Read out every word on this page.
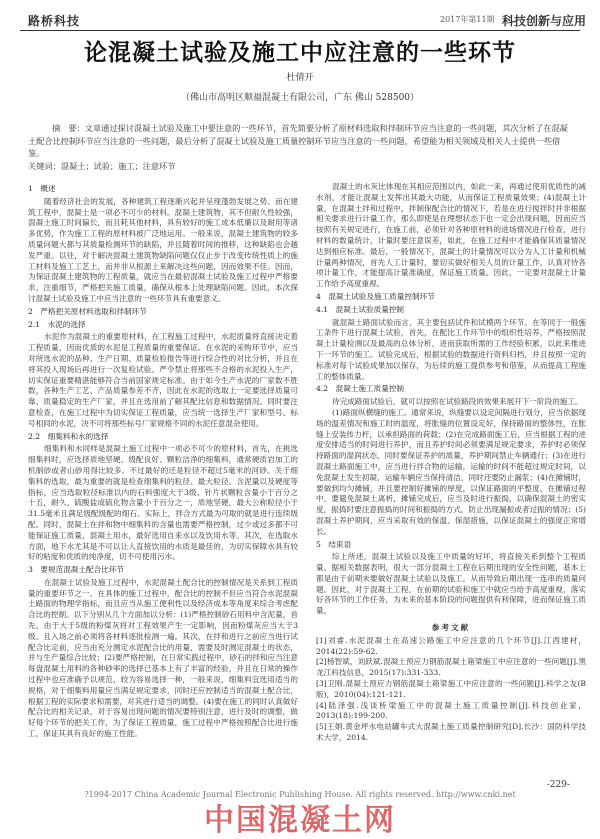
路桥科技	2017年第11期 科技创新与应用
论混凝土试验及施工中应注意的一些环节
杜倩开
（佛山市高明区顺福混凝土有限公司，广东 佛山 528500）
摘　要：文章通过探讨混凝土试验及施工中要注意的一些环节，首先简要分析了原材料选取和拌制环节应当注意的一些问题，其次分析了在混凝土配合比控制环节应当注意的一些问题，最后分析了混凝土试验及施工质量控制环节应当注意的一些问题，希望能为相关领域及相关人士提供一些借鉴。
关键词：混凝土；试验；施工；注意环节

1　概述

随着经济社会的发展，各种建筑工程逐渐兴起并呈现蓬勃发展之势。而在建筑工程中，混凝土是一项必不可少的材料。混凝土建筑物，其不但耐久性较强，混凝土施工时间偏长，而且耗其他材料，具有较好的施工成本低廉以及耐用等诸多优势，作为施工工程的原材料被广泛地运用。一般来说，混凝土建筑物的较多质量问题大都与其质量检测环节的缺陷，并且随着时间的推移，这种缺陷也会越发严重。以往，对于解决混凝土建筑物缺陷问题仅仅止步于改变传统性质上的施工材料及施工工艺上，而并非从根源上来解决这些问题，因而效果不佳。因而，为保证混凝土建筑物的工程质量，就应当在最初混凝土试验及施工过程中严格要求，注重细节，严格把关施工质量，确保从根本上处理缺陷问题。因此，本次探讨混凝土试验及施工中应当注意的一些环节具有重要意义。

2　严格把关原材料选取和拌制环节

2.1　水泥的选择

水泥作为混凝土的重要原材料，在工程施工过程中，水泥质量将直接决定着工程质量，因而优质的水泥是工程质量的重要保证。在水泥的采购环节中，应当对所选水泥的品种、生产日期、质量检验报告等进行综合性的对比分析，并且在将其投入现场后再进行一次复检试验。严令禁止将那些不合格的水泥投入生产，切实保证重要精湛能够符合当前国家规定标准。由于如今生产水泥的厂家数不胜数，各种生产工艺、产品质量参差不齐，因此在水泥的选取上一定要选择质量可靠、质量稳定的生产厂家，并且在选用前了解其配比信息和数据情况。同时要注意检查，在施工过程中为切实保证工程质量，应当统一选择生产厂家和型号、标号相同的水泥，决不可将那些标号厂家规格不同的水泥任意混杂使用。

2.2　细集料和水的选择

细集料和水同样是混凝土施工过程中一项必不可少的原材料，首先，在挑选细集料时，应选择质地坚硬、级配良好、颗粒洁净的细集料，通常硬质岩加工的机制砂或者山砂用得比较多。不过最好的还是粒径不超过5毫米的河砂。关于细集料的选取，最为重要的就是检查细集料的粒径、最大粒径、含泥量以及硬度等指标，应当选取粒径标准以内的石料强度大于3级、针片状颗粒含量小于百分之十五，耐久、硫酸盐或硫化物含量小于百分之一，质地坚硬，最大公称粒径小于31.5毫米且满足级配级配的细石。实际上，拌合方式最为可取的就是进行连续级配。同时，混凝土在拌和物中细集料的含量也需要严格控制，过少或过多都不可能保证施工质量，混凝土用水，最好选用自来水以及饮用水等。其次，在选取水方面，地下水尤其是不可以让人直接饮用的水质是最佳的，为切实保障水具有较好的粘度和优质的纯净度，切不可使用污水。

3　要规范混凝土配合比环节

在混凝土试验及施工过程中，水泥混凝土配合比的控制情况是关系到工程质量的重要环节之一。在具体的施工过程中，配合比的控制不但应当符合水泥混凝土路面的物理学指标，而且应当从施工便利性以及经济成本等角度来综合考虑配合比的控制。以下分别从几个方面加以分析：(1)严格控制砂石用料中含泥量，首先，由于大于5级的粉煤灰将对工程效果产生一定影响，因而粉煤灰应当大于3级。且入场之前必须将各材料逐批检测一遍。其次，在拌和进行之前应当进行试配合比定前，应当由充分测定水泥配合比的用量，需要及时测定混凝土的状态，并与生产量综合比较；(2)要严格控制，在日常实践过程中，砂石的拌和应当注意每盘混凝土用料的各种砂率的选择已基本上有了丰富的经验，并且在日常的操作过程中也应准确予以规范，较为容易选择一种，一般来说，细集料宜选用适当的规格，对于细集料用量应当满足规定要求，同时还应控制适当的混凝土配合比，根据工程的实际要求和需要，对其进行适当的调整。(4)要在施工的同时认真做好配合比的相关记录，对于容易出现问题的情况要特别注意，进行及时的调整，做好每个环节的把关工作，为了保证工程质量，施工过程中严格按照配合比进行施工，保证其具有良好的施工性能。

混凝土的水灰比体现在其相应范围以内，如此一来，再通过使用优质性的减水剂，才能让混凝土发挥出其最大功能，从而保证工程质量效果；(4)混凝土计量，在混凝土拌和过程中，拌制保配合比的情况下，若是在进行搅拌时并非根据相关要求进行计量工作，那么即使是在理想状态下也一定会出现问题，因而应当按照有关规定进行，在施工前，必须针对各种原材料的进场情况进行检查，进行材料的数量统计，计量时要注意误差，如此，在施工过程中才能确保其质量情况达到相应标准。最后，一般情况下，混凝土的计量情况可以分为人工计量和机械计量两种情况，首先人工计量时，要切实做好相关人员的计量工作，认真对待各项计量工作，才能提高计量准确度，保证施工质量。因此，一定要对混凝土计量工作给予高度重视。

4　混凝土试验及施工质量控制环节

4.1　混凝土试验质量控制

就混凝土路面试验而言，其主要包括试件和试模两个环节。在等同于一般施工条件下进行混凝土试验，首先，在配比工作环节中的组织性培养，严格按照混凝土计量检测以及最高的总体分析，进而获取所需的工作经验积累，以此来推进下一环节的施工。试验完成后，根据试验的数据进行资料归档，并且按照一定的标准对每个试验成果加以保存，为后续的施工提供参考和借鉴，从而提高工程施工的整体质量。

4.2　混凝土施工质量控制

待完成路面试验后，就可以按照在试验路段的效果来展开下一阶段的施工。

(1)路面纵横缝的施工。通常来说，纵缝要以设定间隔进行划分，应当依据现场的温差情况和施工时的温度，将胀缝的位置设定好，保持路面的整体性，在胀缝上安装传力杆，以承担路面的荷载；(2)在完成路面施工后，应当根据工程的进度安排适当的时间进行养护，而且养护时间必须要满足规定要求，养护时必须保持路面的湿润状态，同时要保证养护的质量，养护期间禁止车辆通行；(3)在进行混凝土路面施工中，应当进行拌合物的运输，运输的时间不能超过规定时间，以免混凝土发生初凝，运输车辆应当保持清洁，同时还要防止漏浆；(4)在摊铺时，要做到均匀摊铺，并且要控制好摊铺的厚度，以保证路面的平整度，在摊铺过程中，要避免混凝土离析，摊铺完成后，应当及时进行振捣，以确保混凝土的密实度，振捣时要注意振捣的时间和振捣的方式，防止出现漏振或者过振的情况；(5)混凝土养护期间，应当采取有效的保温、保湿措施，以保证混凝土的强度正常增长。

5　结束语

综上所述，混凝土试验以及施工中质量的好坏，将直接关系到整个工程质量。据相关数据表明，很大一部分混凝土工程在后期出现的安全性问题，基本上都是由于前期未要做好混凝土试验以及施工，从而导致后期出现一连串的质量问题。因此，对于混凝土工程，在前期的试验和施工中就应当给予高度重视，落实好各环节的工作任务，为未来的基本阶段的问题提供有利保障，进而保证施工质量。

参考文献

[1]刘睿.水泥混凝土在高速公路施工中应注意的几个环节[J].江西建材，2014(22):59-62.

[2]杨智斌，刘跃斌.混凝土预应力钢筋混凝土箱梁施工中应注意的一些问题[J].黑龙江科技信息，2015(17):331-333.

[3]卫刚.混凝土预应力钢筋混凝土箱梁施工中应注意的一些问题[J].科学之友(B版)，2010(04):121-121.

[4]陆泽强.浅谈桥梁施工中的混凝土施工质量控制[J].科技创业家，2013(18):199-200.

[5]王娟.黄金坪水电站罐车式大混凝土施工质量控制研究[D].长沙：国防科学技术大学，2014.

-229-
?1994-2017 China Academic Journal Electronic Publishing House. All rights reserved. http://www.cnki.net
中国混凝土网
